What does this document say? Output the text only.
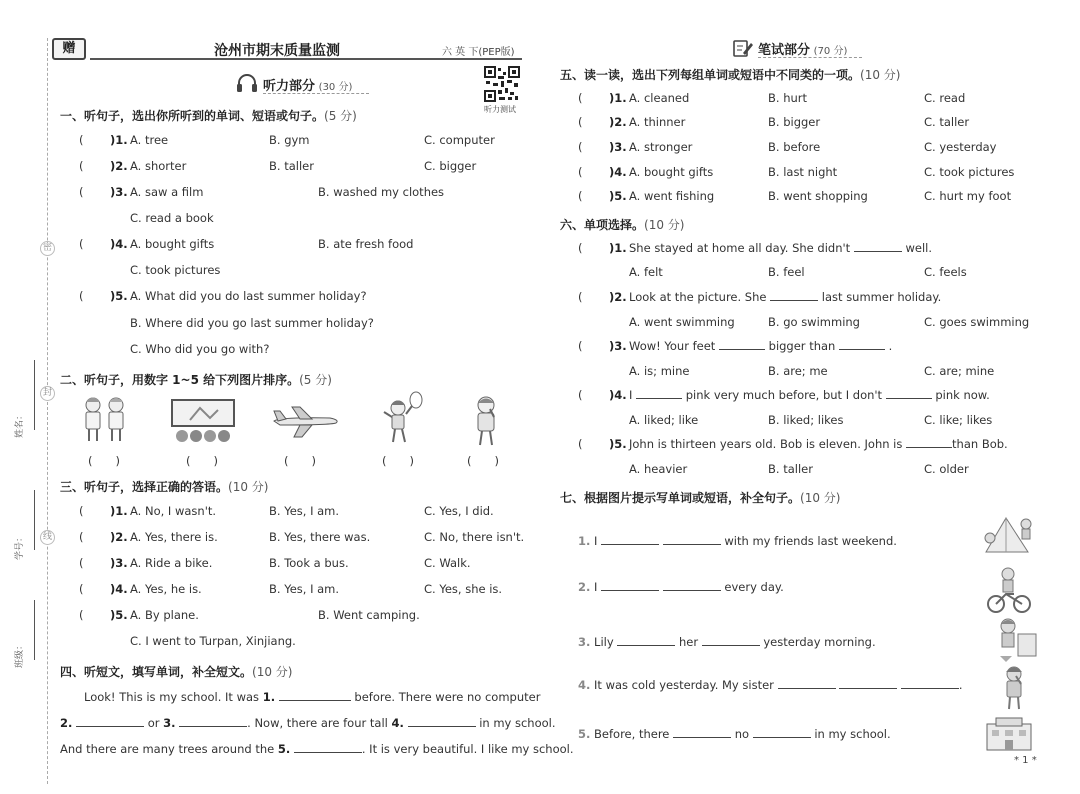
密
封
线
姓名：
学号：
班级：
赠	沧州市期末质量监测	六 英 下(PEP版)
听力测试
听力部分 (30 分)
一、听句子，选出你所听到的单词、短语或句子。(5 分)
( )1. A. tree	B. gym	C. computer
( )2. A. shorter	B. taller	C. bigger
( )3. A. saw a film	B. washed my clothes
C. read a book
( )4. A. bought gifts	B. ate fresh food
C. took pictures
( )5. A. What did you do last summer holiday?
B. Where did you go last summer holiday?
C. Who did you go with?
二、听句子，用数字 1~5 给下列图片排序。(5 分)
(　　)	(　　)	(　　)	(　　)	(　　)
三、听句子，选择正确的答语。(10 分)
( )1. A. No, I wasn't.	B. Yes, I am.	C. Yes, I did.
( )2. A. Yes, there is.	B. Yes, there was.	C. No, there isn't.
( )3. A. Ride a bike.	B. Took a bus.	C. Walk.
( )4. A. Yes, he is.	B. Yes, I am.	C. Yes, she is.
( )5. A. By plane.	B. Went camping.
C. I went to Turpan, Xinjiang.
四、听短文，填写单词，补全短文。(10 分)
Look! This is my school. It was 1.	before. There were no computer
2.	or 3.	. Now, there are four tall 4.	in my school.
And there are many trees around the 5.	. It is very beautiful. I like my school.
笔试部分 (70 分)
五、读一读，选出下列每组单词或短语中不同类的一项。(10 分)
( )1. A. cleaned	B. hurt	C. read
( )2. A. thinner	B. bigger	C. taller
( )3. A. stronger	B. before	C. yesterday
( )4. A. bought gifts	B. last night	C. took pictures
( )5. A. went fishing	B. went shopping	C. hurt my foot
六、单项选择。(10 分)
( )1. She stayed at home all day. She didn't	well.
A. felt	B. feel	C. feels
( )2. Look at the picture. She	last summer holiday.
A. went swimming	B. go swimming	C. goes swimming
( )3. Wow! Your feet	bigger than	.
A. is; mine	B. are; me	C. are; mine
( )4. I	pink very much before, but I don't	pink now.
A. liked; like	B. liked; likes	C. like; likes
( )5. John is thirteen years old. Bob is eleven. John is	than Bob.
A. heavier	B. taller	C. older
七、根据图片提示写单词或短语，补全句子。(10 分)
1. I	with my friends last weekend.
2. I	every day.
3. Lily	her	yesterday morning.
4. It was cold yesterday. My sister	.
5. Before, there	no	in my school.
* 1 *
